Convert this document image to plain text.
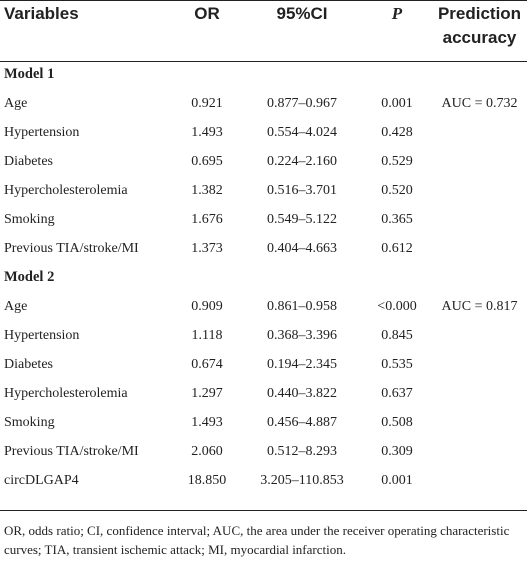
Variables	OR	95%CI	P	Prediction accuracy
Model 1				
Age	0.921	0.877–0.967	0.001	AUC = 0.732
Hypertension	1.493	0.554–4.024	0.428	
Diabetes	0.695	0.224–2.160	0.529	
Hypercholesterolemia	1.382	0.516–3.701	0.520	
Smoking	1.676	0.549–5.122	0.365	
Previous TIA/stroke/MI	1.373	0.404–4.663	0.612	
Model 2				
Age	0.909	0.861–0.958	<0.000	AUC = 0.817
Hypertension	1.118	0.368–3.396	0.845	
Diabetes	0.674	0.194–2.345	0.535	
Hypercholesterolemia	1.297	0.440–3.822	0.637	
Smoking	1.493	0.456–4.887	0.508	
Previous TIA/stroke/MI	2.060	0.512–8.293	0.309	
circDLGAP4	18.850	3.205–110.853	0.001	
OR, odds ratio; CI, confidence interval; AUC, the area under the receiver operating characteristic curves; TIA, transient ischemic attack; MI, myocardial infarction.
